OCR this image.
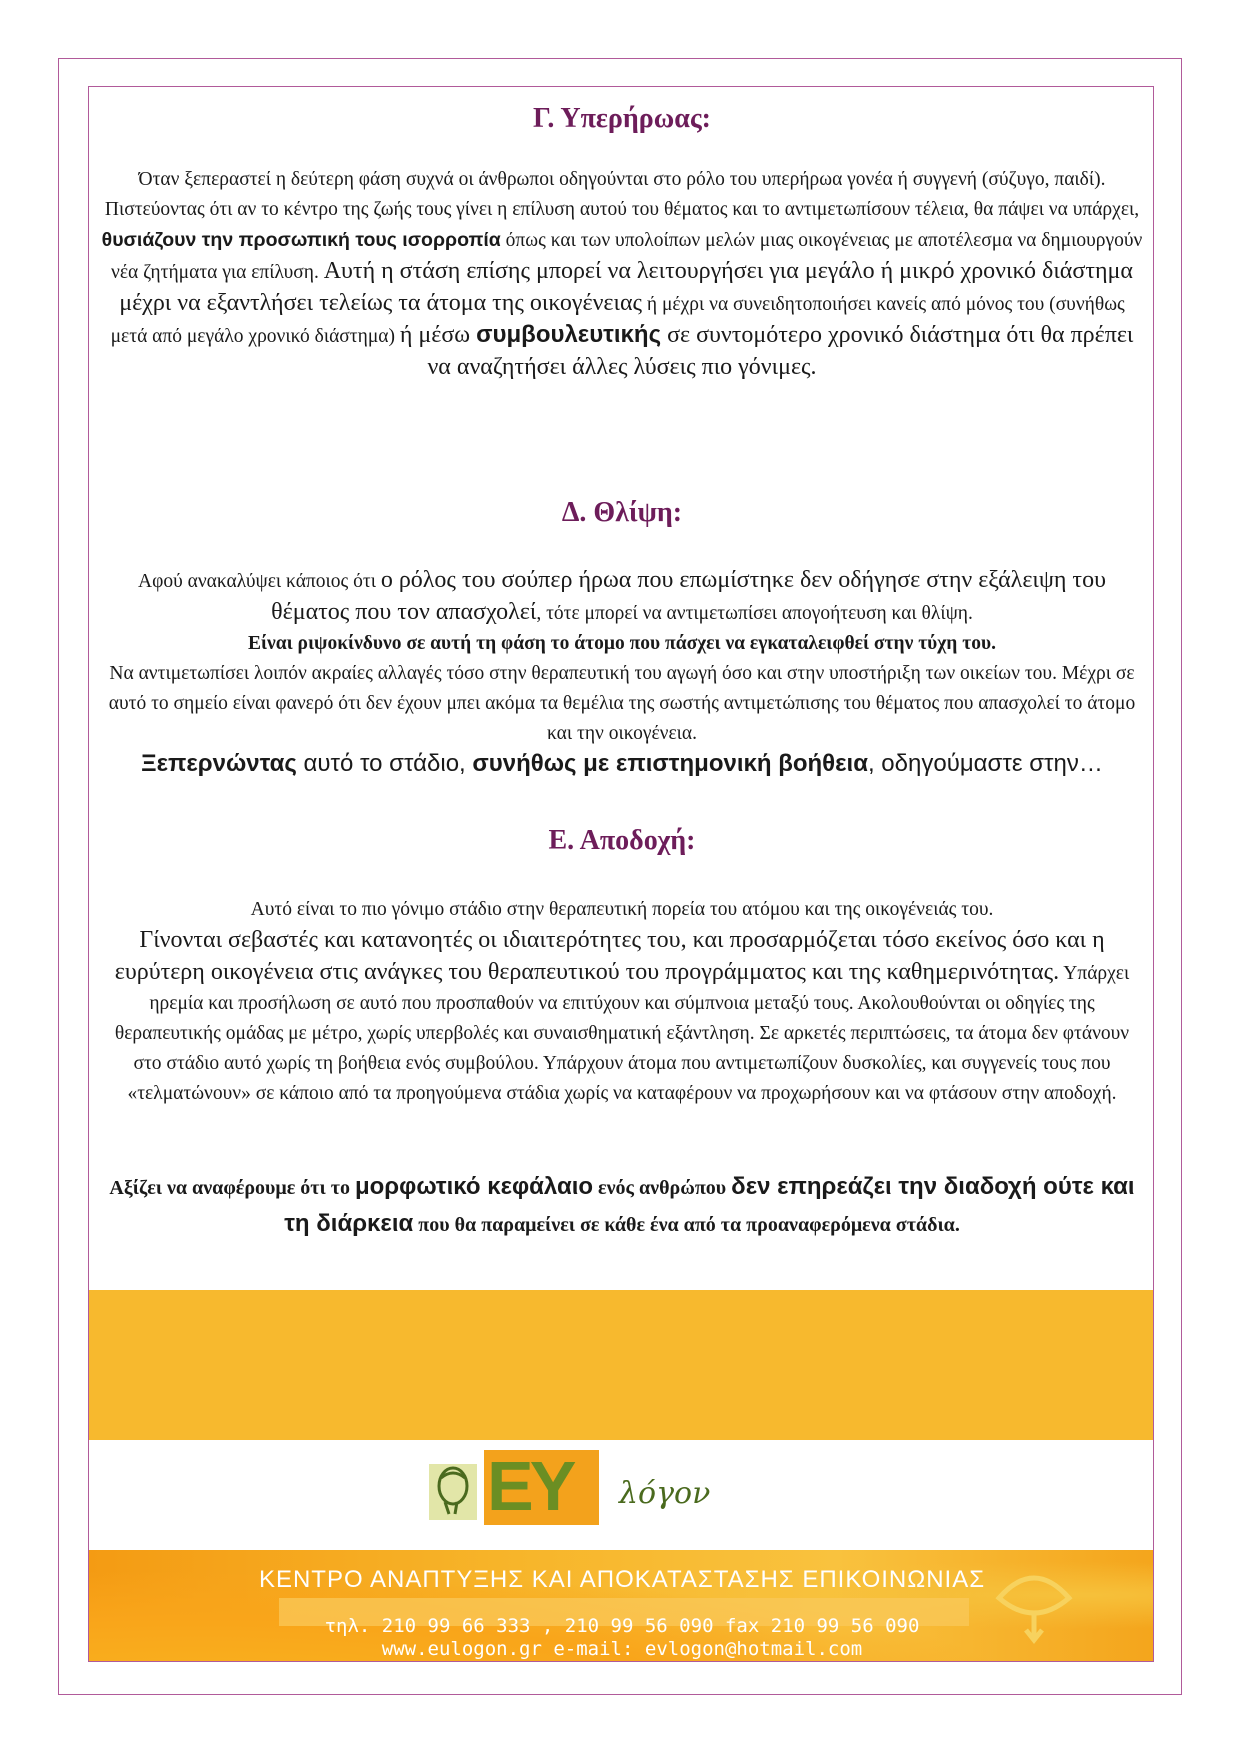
Γ. Υπερήρωας:

Όταν ξεπεραστεί η δεύτερη φάση συχνά οι άνθρωποι οδηγούνται στο ρόλο του υπερήρωα γονέα ή συγγενή (σύζυγο, παιδί). Πιστεύοντας ότι αν το κέντρο της ζωής τους γίνει η επίλυση αυτού του θέματος και το αντιμετωπίσουν τέλεια, θα πάψει να υπάρχει, θυσιάζουν την προσωπική τους ισορροπία όπως και των υπολοίπων μελών μιας οικογένειας με αποτέλεσμα να δημιουργούν νέα ζητήματα για επίλυση. Αυτή η στάση επίσης μπορεί να λειτουργήσει για μεγάλο ή μικρό χρονικό διάστημα μέχρι να εξαντλήσει τελείως τα άτομα της οικογένειας ή μέχρι να συνειδητοποιήσει κανείς από μόνος του (συνήθως μετά από μεγάλο χρονικό διάστημα) ή μέσω συμβουλευτικής σε συντομότερο χρονικό διάστημα ότι θα πρέπει να αναζητήσει άλλες λύσεις πιο γόνιμες.

Δ. Θλίψη:

Αφού ανακαλύψει κάποιος ότι ο ρόλος του σούπερ ήρωα που επωμίστηκε δεν οδήγησε στην εξάλειψη του θέματος που τον απασχολεί, τότε μπορεί να αντιμετωπίσει απογοήτευση και θλίψη.
Είναι ριψοκίνδυνο σε αυτή τη φάση το άτομο που πάσχει να εγκαταλειφθεί στην τύχη του.
Να αντιμετωπίσει λοιπόν ακραίες αλλαγές τόσο στην θεραπευτική του αγωγή όσο και στην υποστήριξη των οικείων του. Μέχρι σε αυτό το σημείο είναι φανερό ότι δεν έχουν μπει ακόμα τα θεμέλια της σωστής αντιμετώπισης του θέματος που απασχολεί το άτομο και την οικογένεια.
Ξεπερνώντας αυτό το στάδιο, συνήθως με επιστημονική βοήθεια, οδηγούμαστε στην…

Ε. Αποδοχή:

Αυτό είναι το πιο γόνιμο στάδιο στην θεραπευτική πορεία του ατόμου και της οικογένειάς του.
Γίνονται σεβαστές και κατανοητές οι ιδιαιτερότητες του, και προσαρμόζεται τόσο εκείνος όσο και η ευρύτερη οικογένεια στις ανάγκες του θεραπευτικού του προγράμματος και της καθημερινότητας. Υπάρχει ηρεμία και προσήλωση σε αυτό που προσπαθούν να επιτύχουν και σύμπνοια μεταξύ τους. Ακολουθούνται οι οδηγίες της θεραπευτικής ομάδας με μέτρο, χωρίς υπερβολές και συναισθηματική εξάντληση. Σε αρκετές περιπτώσεις, τα άτομα δεν φτάνουν στο στάδιο αυτό χωρίς τη βοήθεια ενός συμβούλου. Υπάρχουν άτομα που αντιμετωπίζουν δυσκολίες, και συγγενείς τους που «τελματώνουν» σε κάποιο από τα προηγούμενα στάδια χωρίς να καταφέρουν να προχωρήσουν και να φτάσουν στην αποδοχή.

Αξίζει να αναφέρουμε ότι το μορφωτικό κεφάλαιο ενός ανθρώπου δεν επηρεάζει την διαδοχή ούτε και τη διάρκεια που θα παραμείνει σε κάθε ένα από τα προαναφερόμενα στάδια.

ΕΥ λόγον
ΚΕΝΤΡΟ ΑΝΑΠΤΥΞΗΣ ΚΑΙ ΑΠΟΚΑΤΑΣΤΑΣΗΣ ΕΠΙΚΟΙΝΩΝΙΑΣ
τηλ. 210 99 66 333 , 210 99 56 090 fax 210 99 56 090
www.eulogon.gr e-mail: evlogon@hotmail.com
